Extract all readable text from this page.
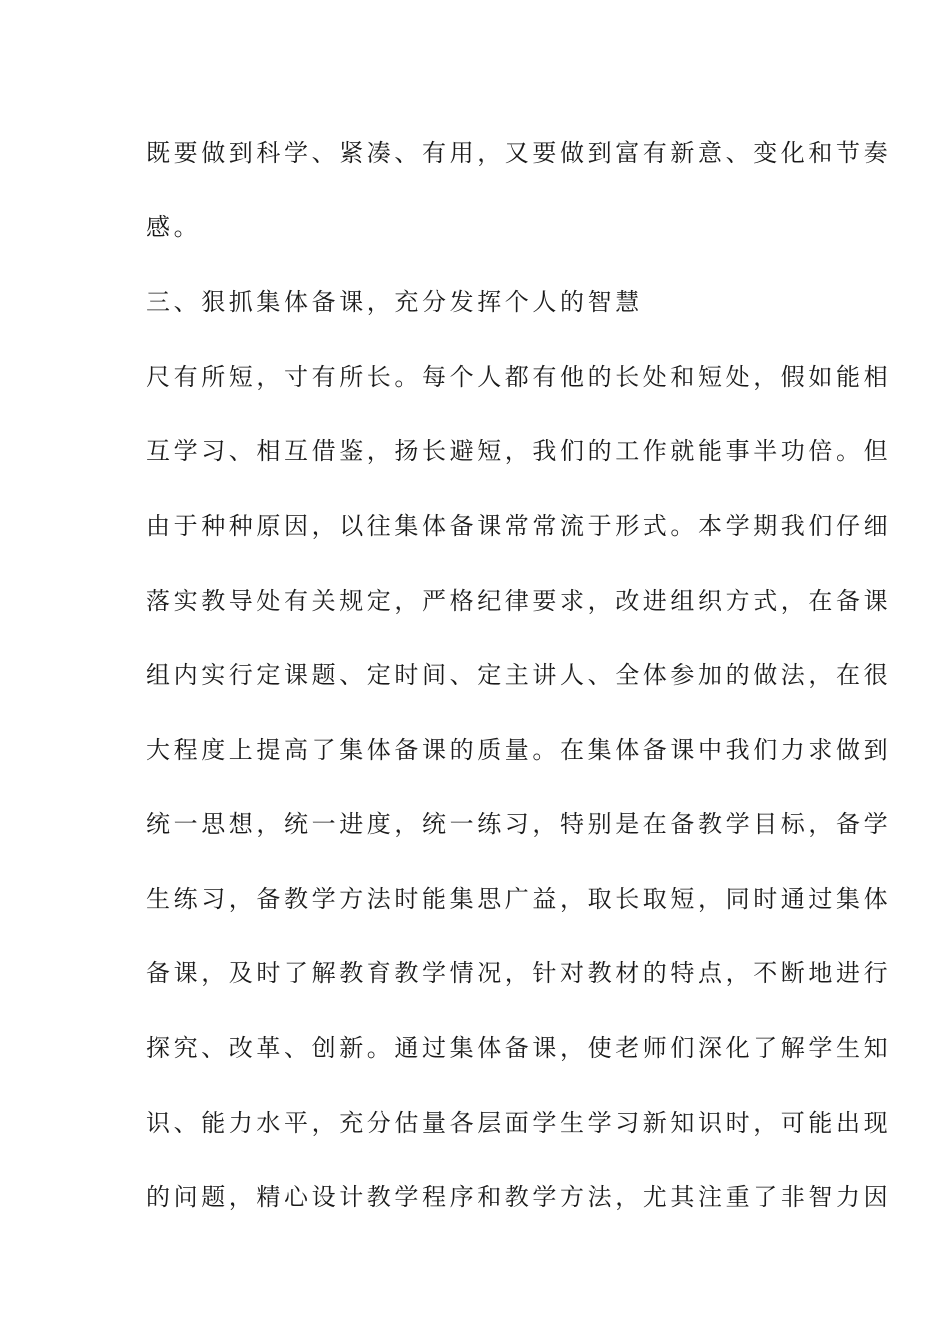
既要做到科学、紧凑、有用，又要做到富有新意、变化和节奏
感。
三、狠抓集体备课，充分发挥个人的智慧
尺有所短，寸有所长。每个人都有他的长处和短处，假如能相
互学习、相互借鉴，扬长避短，我们的工作就能事半功倍。但
由于种种原因，以往集体备课常常流于形式。本学期我们仔细
落实教导处有关规定，严格纪律要求，改进组织方式，在备课
组内实行定课题、定时间、定主讲人、全体参加的做法，在很
大程度上提高了集体备课的质量。在集体备课中我们力求做到
统一思想，统一进度，统一练习，特别是在备教学目标，备学
生练习，备教学方法时能集思广益，取长取短，同时通过集体
备课，及时了解教育教学情况，针对教材的特点，不断地进行
探究、改革、创新。通过集体备课，使老师们深化了解学生知
识、能力水平，充分估量各层面学生学习新知识时，可能出现
的问题，精心设计教学程序和教学方法，尤其注重了非智力因
